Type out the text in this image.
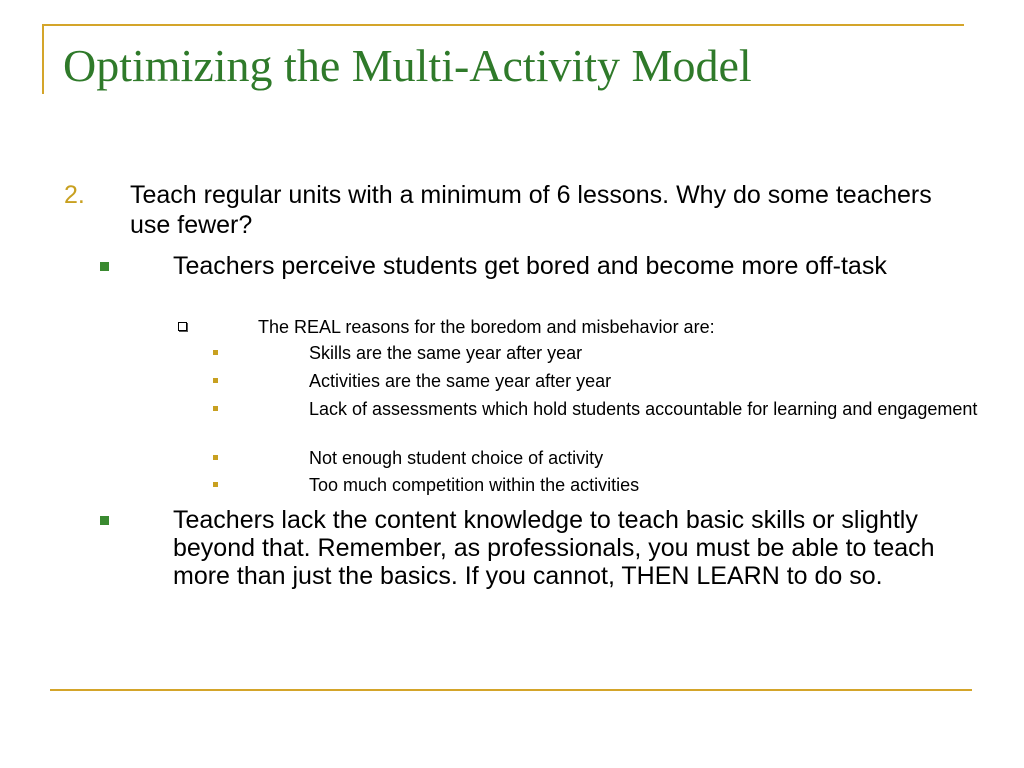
Optimizing the Multi-Activity Model
2. Teach regular units with a minimum of 6 lessons. Why do some teachers use fewer?
Teachers perceive students get bored and become more off-task
The REAL reasons for the boredom and misbehavior are:
Skills are the same year after year
Activities are the same year after year
Lack of assessments which hold students accountable for learning and engagement
Not enough student choice of activity
Too much competition within the activities
Teachers lack the content knowledge to teach basic skills or slightly beyond that. Remember, as professionals, you must be able to teach more than just the basics. If you cannot, THEN LEARN to do so.
